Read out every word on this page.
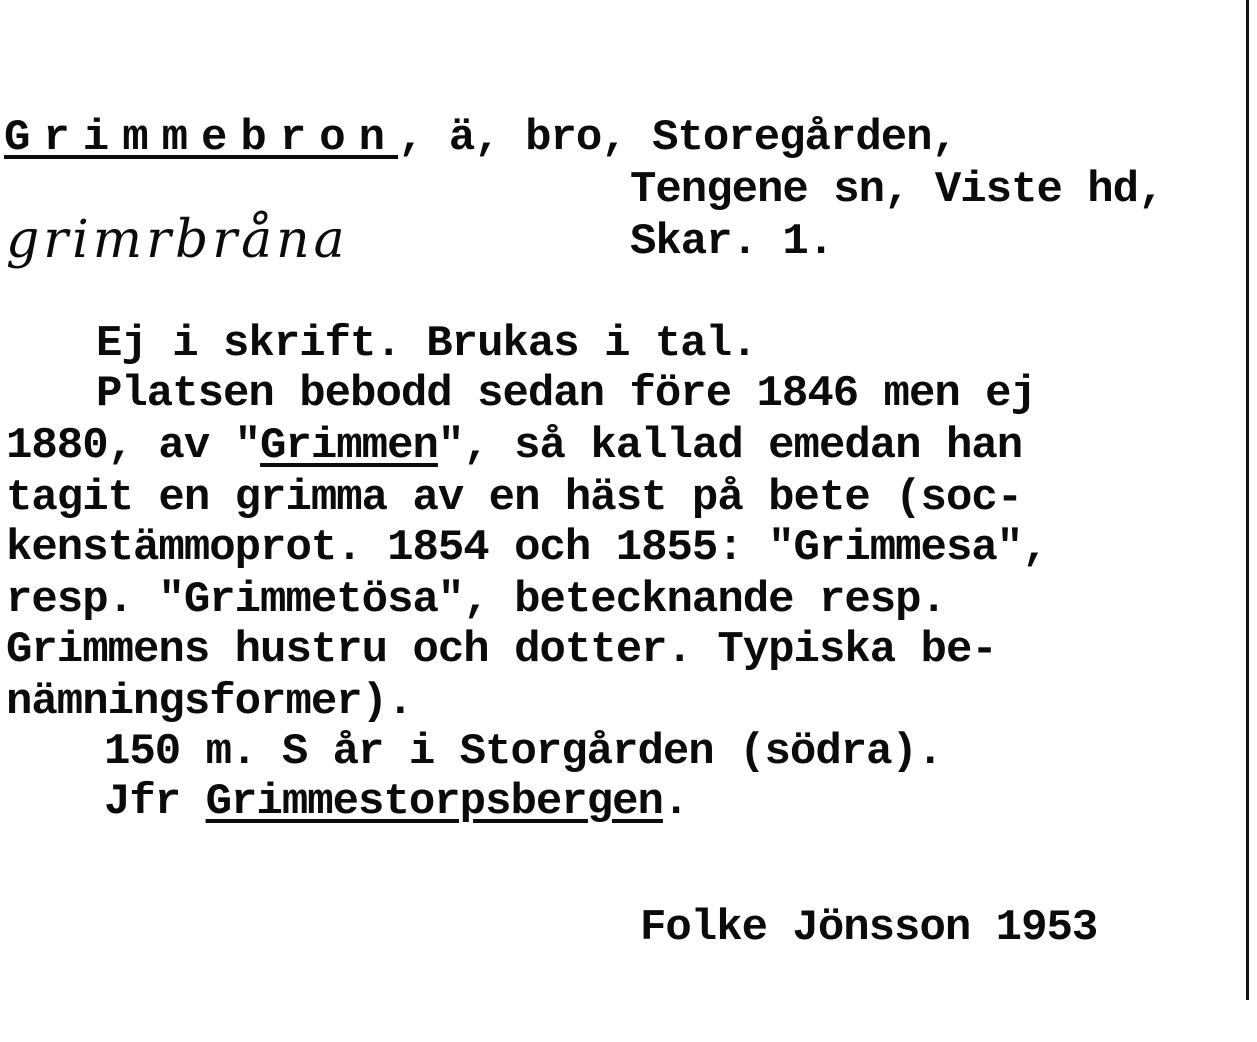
Grimmebron, ä, bro, Storegården,
Tengene sn, Viste hd,
Skar. 1.
grimrbråna
Ej i skrift. Brukas i tal.
Platsen bebodd sedan före 1846 men ej
1880, av "Grimmen", så kallad emedan han
tagit en grimma av en häst på bete (soc-
kenstämmoprot. 1854 och 1855: "Grimmesa",
resp. "Grimmetösa", betecknande resp.
Grimmens hustru och dotter. Typiska be-
nämningsformer).
150 m. S år i Storgården (södra).
Jfr Grimmestorpsbergen.
Folke Jönsson 1953
